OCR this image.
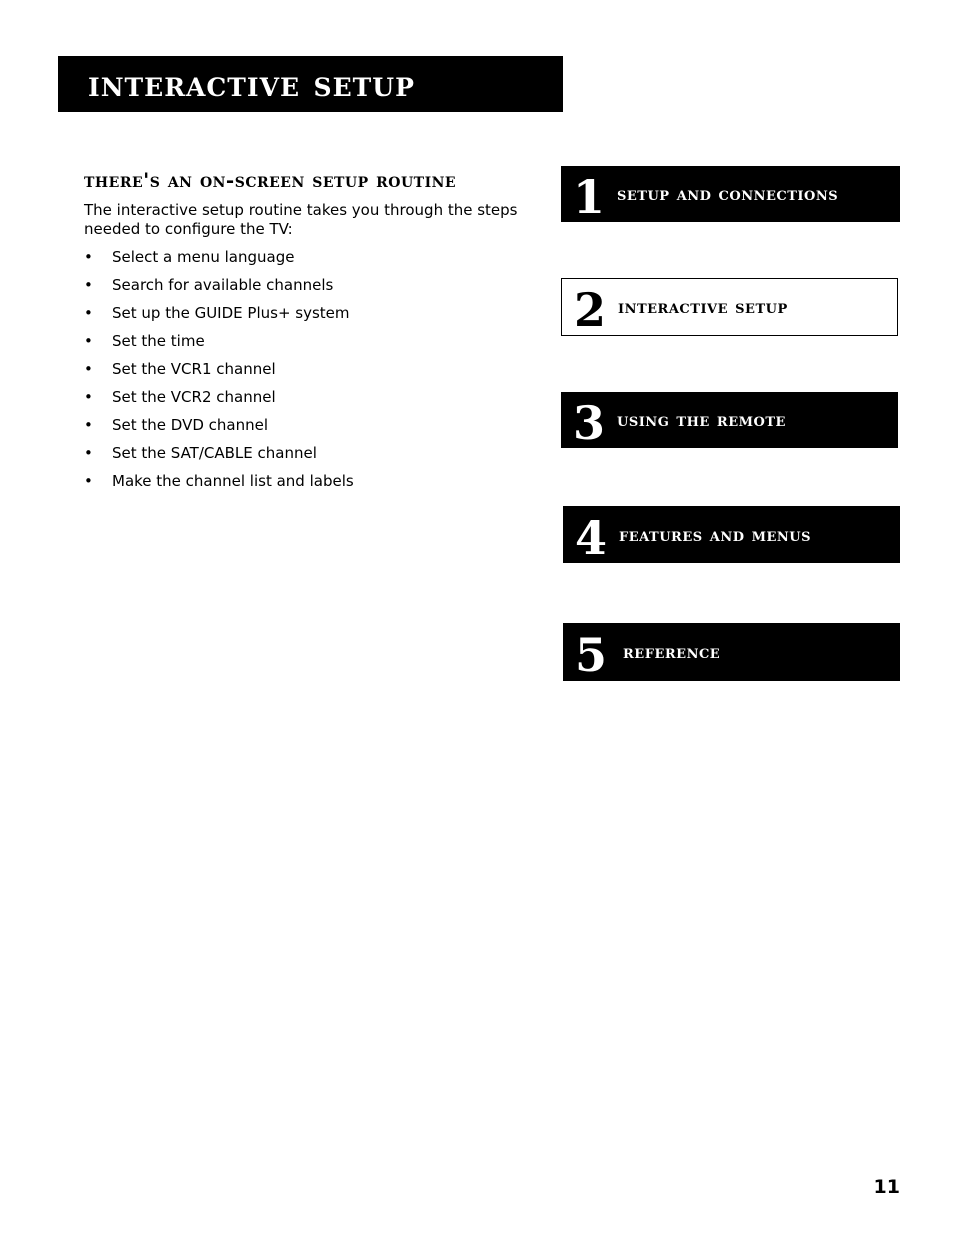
interactive setup
there's an on-screen setup routine

The interactive setup routine takes you through the steps needed to configure the TV:

• Select a menu language
• Search for available channels
• Set up the GUIDE Plus+ system
• Set the time
• Set the VCR1 channel
• Set the VCR2 channel
• Set the DVD channel
• Set the SAT/CABLE channel
• Make the channel list and labels
1 setup and connections
2 interactive setup
3 using the remote
4 features and menus
5 reference
11
